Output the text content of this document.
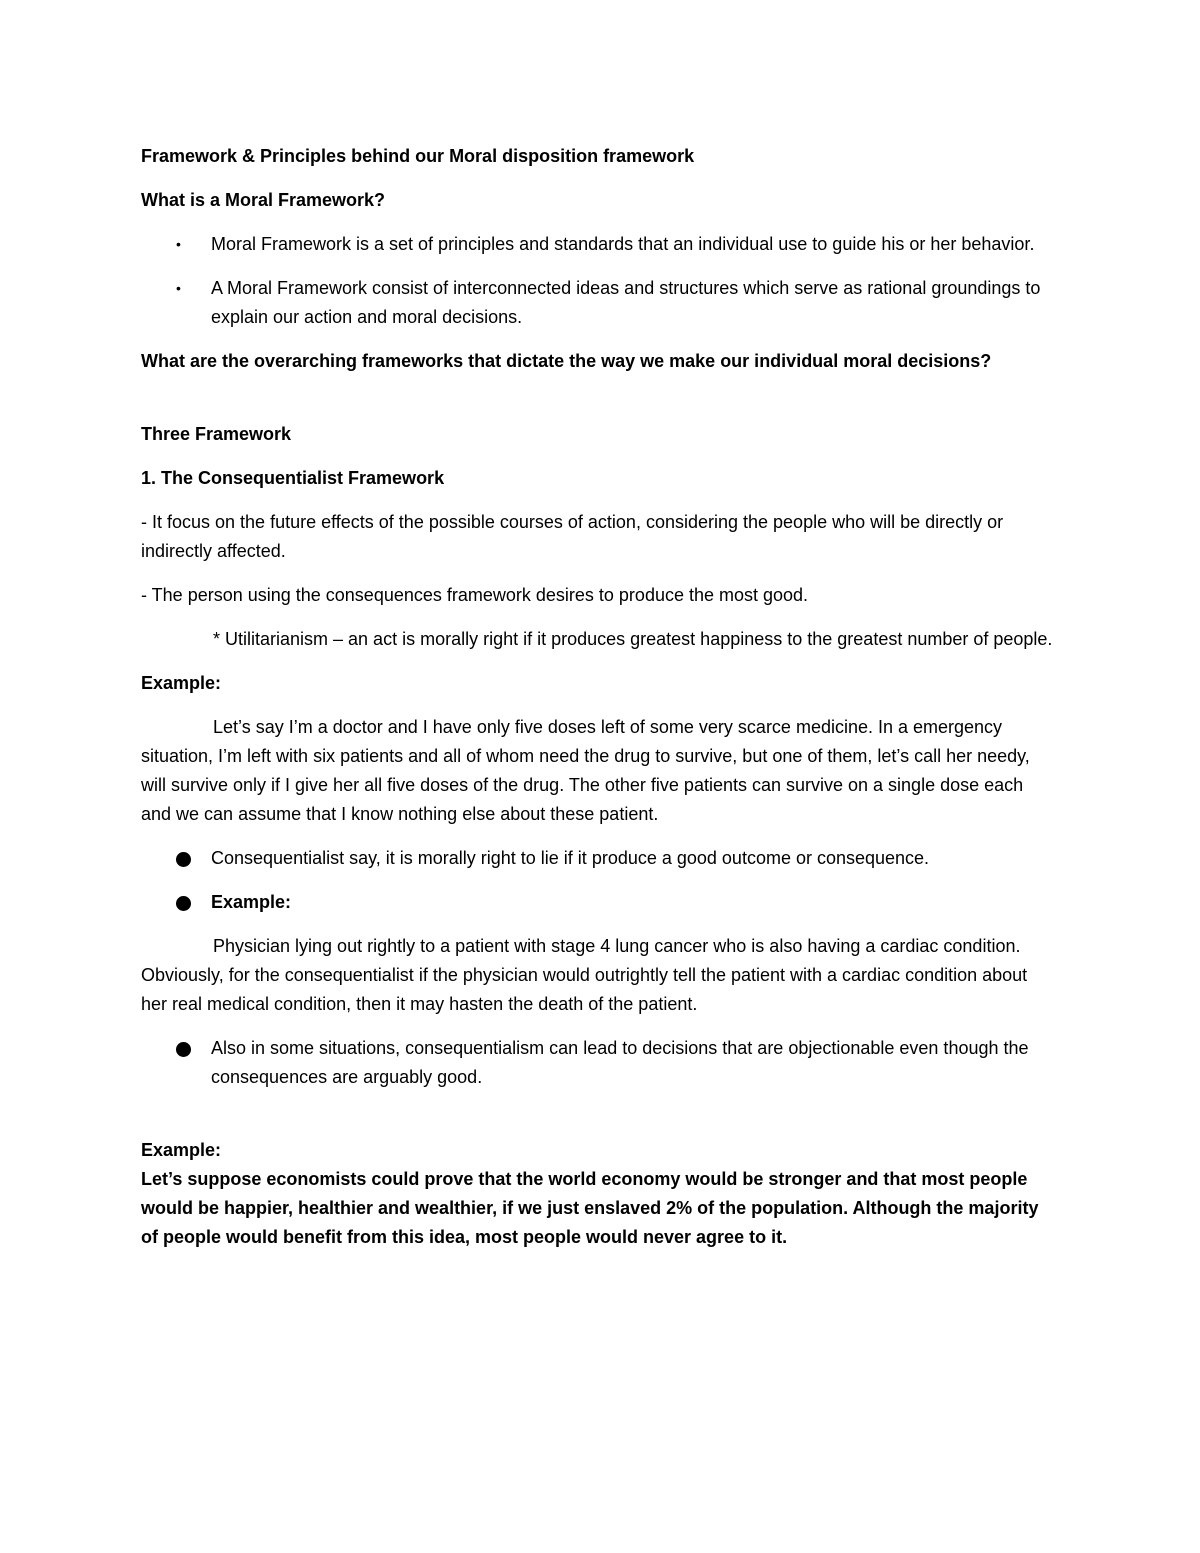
Framework & Principles behind our Moral disposition framework

What is a Moral Framework?

• Moral Framework is a set of principles and standards that an individual use to guide his or her behavior.
• A Moral Framework consist of interconnected ideas and structures which serve as rational groundings to explain our action and moral decisions.

What are the overarching frameworks that dictate the way we make our individual moral decisions?

Three Framework

1. The Consequentialist Framework

- It focus on the future effects of the possible courses of action, considering the people who will be directly or indirectly affected.

- The person using the consequences framework desires to produce the most good.

* Utilitarianism – an act is morally right if it produces greatest happiness to the greatest number of people.

Example:

Let’s say I’m a doctor and I have only five doses left of some very scarce medicine. In a emergency situation, I’m left with six patients and all of whom need the drug to survive, but one of them, let’s call her needy, will survive only if I give her all five doses of the drug. The other five patients can survive on a single dose each and we can assume that I know nothing else about these patient.

Consequentialist say, it is morally right to lie if it produce a good outcome or consequence.
Example:

Physician lying out rightly to a patient with stage 4 lung cancer who is also having a cardiac condition. Obviously, for the consequentialist if the physician would outrightly tell the patient with a cardiac condition about her real medical condition, then it may hasten the death of the patient.

Also in some situations, consequentialism can lead to decisions that are objectionable even though the consequences are arguably good.

Example:

Let’s suppose economists could prove that the world economy would be stronger and that most people would be happier, healthier and wealthier, if we just enslaved 2% of the population. Although the majority of people would benefit from this idea, most people would never agree to it.
